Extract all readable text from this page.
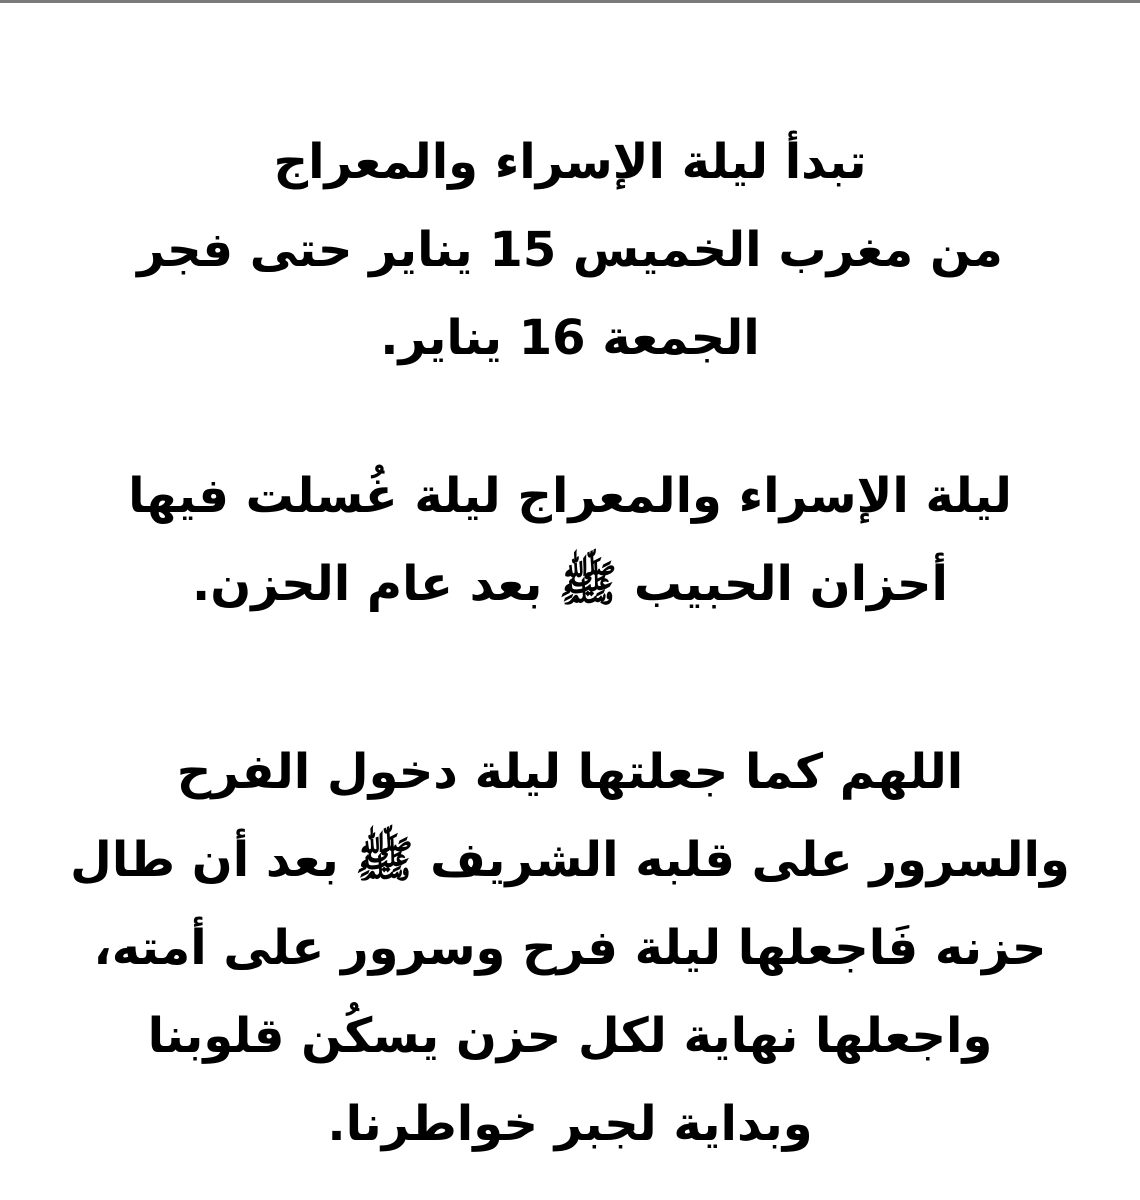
تبدأ ليلة الإسراء والمعراج
من مغرب الخميس 15 يناير حتى فجر
الجمعة 16 يناير.
ليلة الإسراء والمعراج ليلة غُسلت فيها
أحزان الحبيب ﷺ بعد عام الحزن.
اللهم كما جعلتها ليلة دخول الفرح
والسرور على قلبه الشريف ﷺ بعد أن طال
حزنه فَاجعلها ليلة فرح وسرور على أمته،
واجعلها نهاية لكل حزن يسكُن قلوبنا
وبداية لجبر خواطرنا.
